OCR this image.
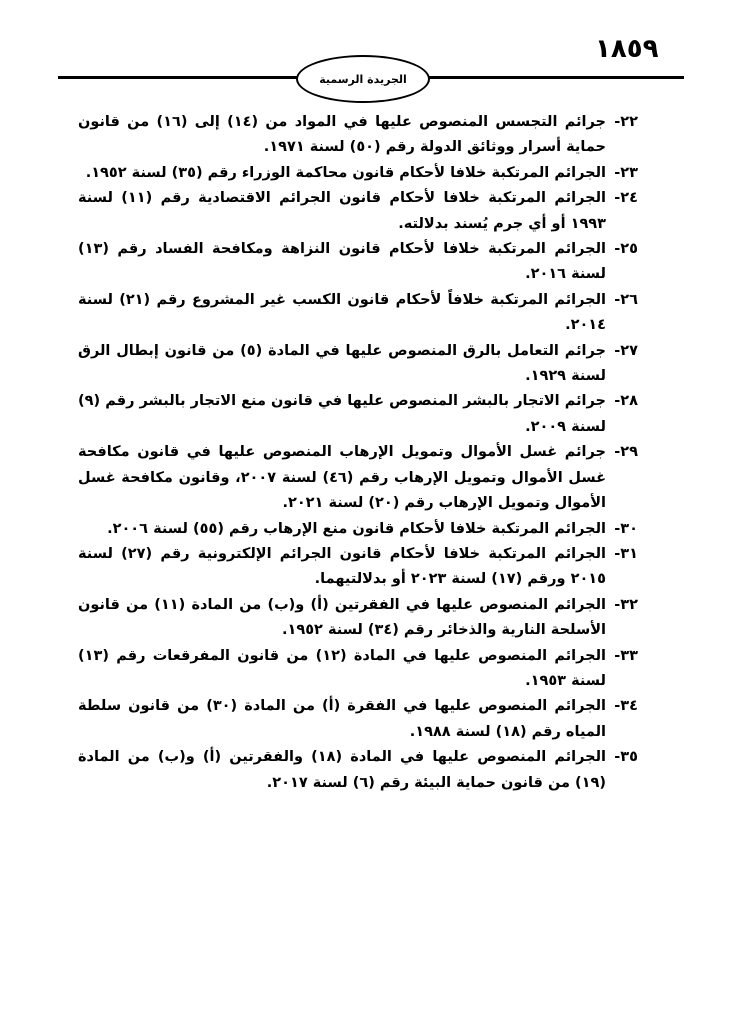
١٨٥٩
الجريدة الرسمية

٢٢-
جرائم التجسس المنصوص عليها في المواد من (١٤) إلى (١٦) من قانون حماية أسرار ووثائق الدولة رقم (٥٠) لسنة ١٩٧١.

٢٣-
الجرائم المرتكبة خلافا لأحكام قانون محاكمة الوزراء رقم (٣٥) لسنة ١٩٥٢.

٢٤-
الجرائم المرتكبة خلافا لأحكام قانون الجرائم الاقتصادية رقم (١١) لسنة ١٩٩٣ أو أي جرم يُسند بدلالته.

٢٥-
الجرائم المرتكبة خلافا لأحكام قانون النزاهة ومكافحة الفساد رقم (١٣) لسنة ٢٠١٦.

٢٦-
الجرائم المرتكبة خلافاً لأحكام قانون الكسب غير المشروع رقم (٢١) لسنة ٢٠١٤.

٢٧-
جرائم التعامل بالرق المنصوص عليها في المادة (٥) من قانون إبطال الرق لسنة ١٩٢٩.

٢٨-
جرائم الاتجار بالبشر المنصوص عليها في قانون منع الاتجار بالبشر رقم (٩) لسنة ٢٠٠٩.

٢٩-
جرائم غسل الأموال وتمويل الإرهاب المنصوص عليها في قانون مكافحة غسل الأموال وتمويل الإرهاب رقم (٤٦) لسنة ٢٠٠٧، وقانون مكافحة غسل الأموال وتمويل الإرهاب رقم (٢٠) لسنة ٢٠٢١.

٣٠-
الجرائم المرتكبة خلافا لأحكام قانون منع الإرهاب رقم (٥٥) لسنة ٢٠٠٦.

٣١-
الجرائم المرتكبة خلافا لأحكام قانون الجرائم الإلكترونية رقم (٢٧) لسنة ٢٠١٥ ورقم (١٧) لسنة ٢٠٢٣ أو بدلالتيهما.

٣٢-
الجرائم المنصوص عليها في الفقرتين (أ) و(ب) من المادة (١١) من قانون الأسلحة النارية والذخائر رقم (٣٤) لسنة ١٩٥٢.

٣٣-
الجرائم المنصوص عليها في المادة (١٢) من قانون المفرقعات رقم (١٣) لسنة ١٩٥٣.

٣٤-
الجرائم المنصوص عليها في الفقرة (أ) من المادة (٣٠) من قانون سلطة المياه رقم (١٨) لسنة ١٩٨٨.

٣٥-
الجرائم المنصوص عليها في المادة (١٨) والفقرتين (أ) و(ب) من المادة (١٩) من قانون حماية البيئة رقم (٦) لسنة ٢٠١٧.
